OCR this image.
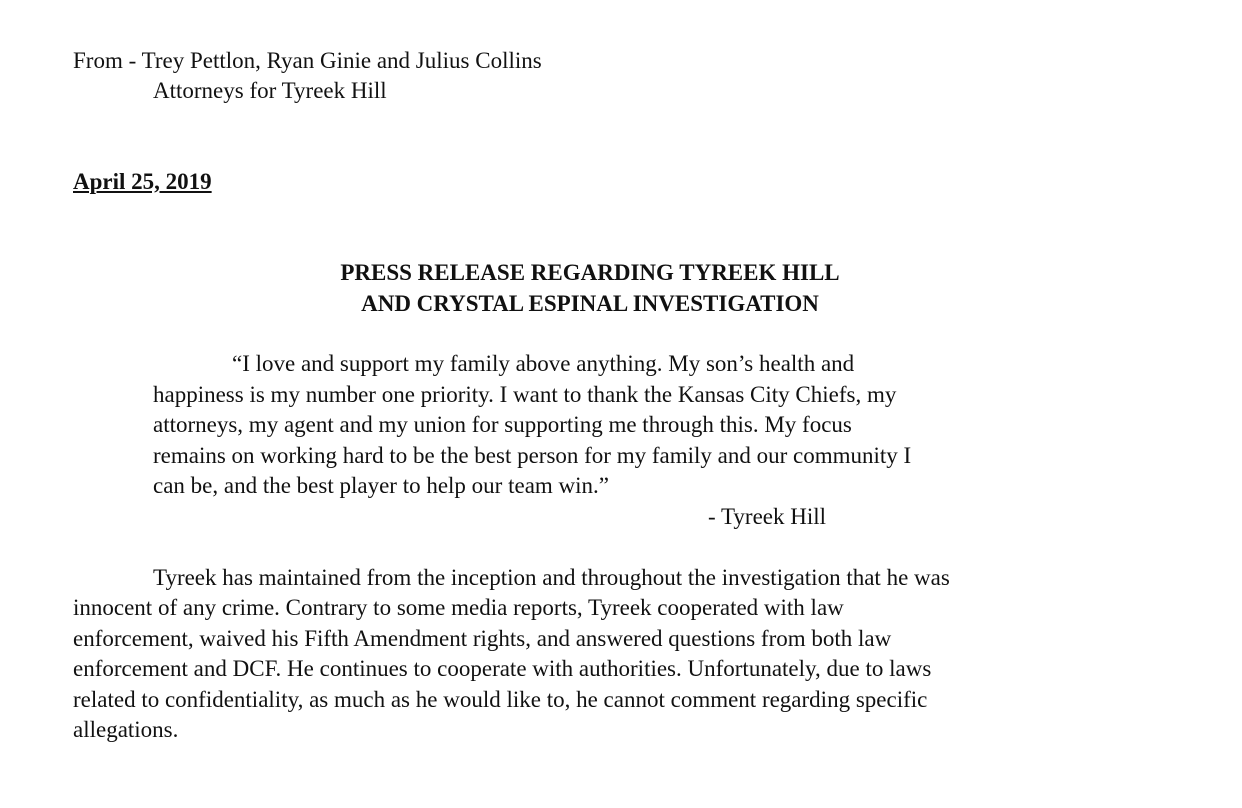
From - Trey Pettlon, Ryan Ginie and Julius Collins
Attorneys for Tyreek Hill
April 25, 2019
PRESS RELEASE REGARDING TYREEK HILL
AND CRYSTAL ESPINAL INVESTIGATION
“I love and support my family above anything. My son’s health and
happiness is my number one priority. I want to thank the Kansas City Chiefs, my
attorneys, my agent and my union for supporting me through this. My focus
remains on working hard to be the best person for my family and our community I
can be, and the best player to help our team win.”
- Tyreek Hill
Tyreek has maintained from the inception and throughout the investigation that he was
innocent of any crime. Contrary to some media reports, Tyreek cooperated with law
enforcement, waived his Fifth Amendment rights, and answered questions from both law
enforcement and DCF. He continues to cooperate with authorities. Unfortunately, due to laws
related to confidentiality, as much as he would like to, he cannot comment regarding specific
allegations.
